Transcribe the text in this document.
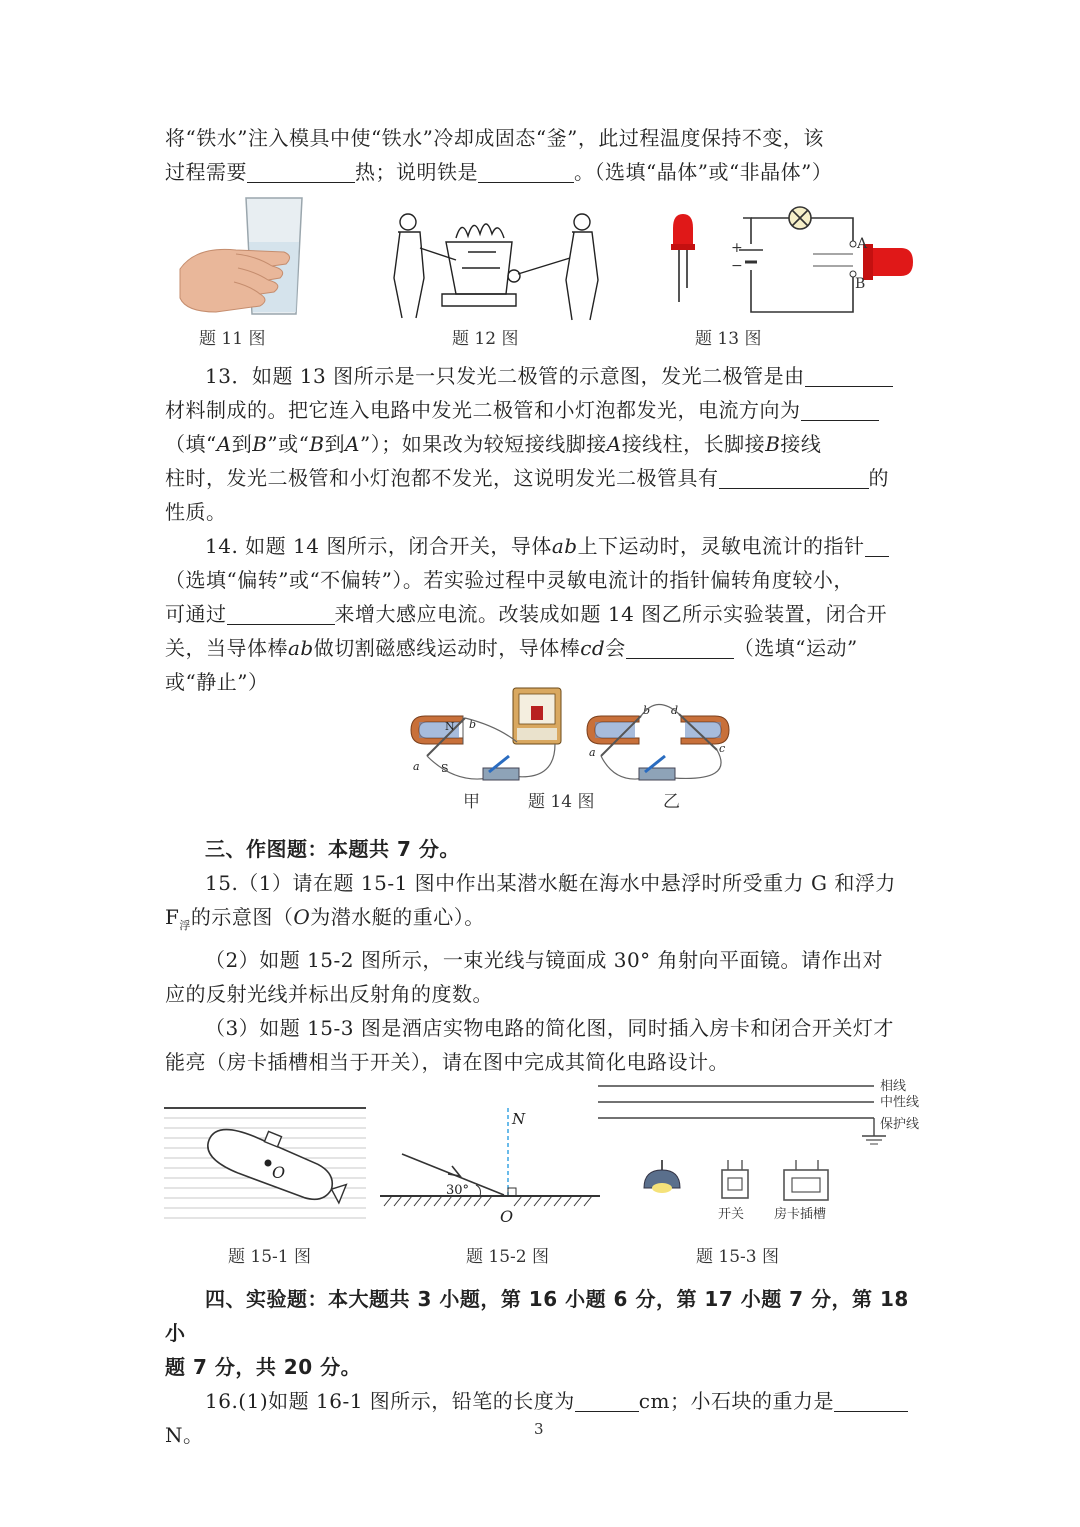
将“铁水”注入模具中使“铁水”冷却成固态“釜”，此过程温度保持不变，该
过程需要	热；说明铁是	。（选填“晶体”或“非晶体”）
题 11 图	题 12 图
+
−
A
B
题 13 图
13．如题 13 图所示是一只发光二极管的示意图，发光二极管是由
材料制成的。把它连入电路中发光二极管和小灯泡都发光，电流方向为
（填“A到B”或“B到A”）；如果改为较短接线脚接A接线柱，长脚接B接线
柱时，发光二极管和小灯泡都不发光，这说明发光二极管具有	的
性质。
14. 如题 14 图所示，闭合开关，导体ab上下运动时，灵敏电流计的指针
（选填“偏转”或“不偏转”）。若实验过程中灵敏电流计的指针偏转角度较小，
可通过	来增大感应电流。改装成如题 14 图乙所示实验装置，闭合开
关，当导体棒ab做切割磁感线运动时，导体棒cd会	（选填“运动”
或“静止”）
N
S
a
b
a
b d
c
甲	题 14 图	乙
三、作图题：本题共 7 分。
15.（1）请在题 15-1 图中作出某潜水艇在海水中悬浮时所受重力 G 和浮力
$F_浮$的示意图（O为潜水艇的重心）。
（2）如题 15-2 图所示，一束光线与镜面成 30° 角射向平面镜。请作出对
应的反射光线并标出反射角的度数。
（3）如题 15-3 图是酒店实物电路的简化图，同时插入房卡和闭合开关灯才
能亮（房卡插槽相当于开关），请在图中完成其简化电路设计。
O
题 15-1 图
N
30°
O
题 15-2 图
相线
中性线
保护线
开关 房卡插槽
题 15-3 图
四、实验题：本大题共 3 小题，第 16 小题 6 分，第 17 小题 7 分，第 18 小
题 7 分，共 20 分。
16.(1)如题 16-1 图所示，铅笔的长度为	cm；小石块的重力是N。	3
